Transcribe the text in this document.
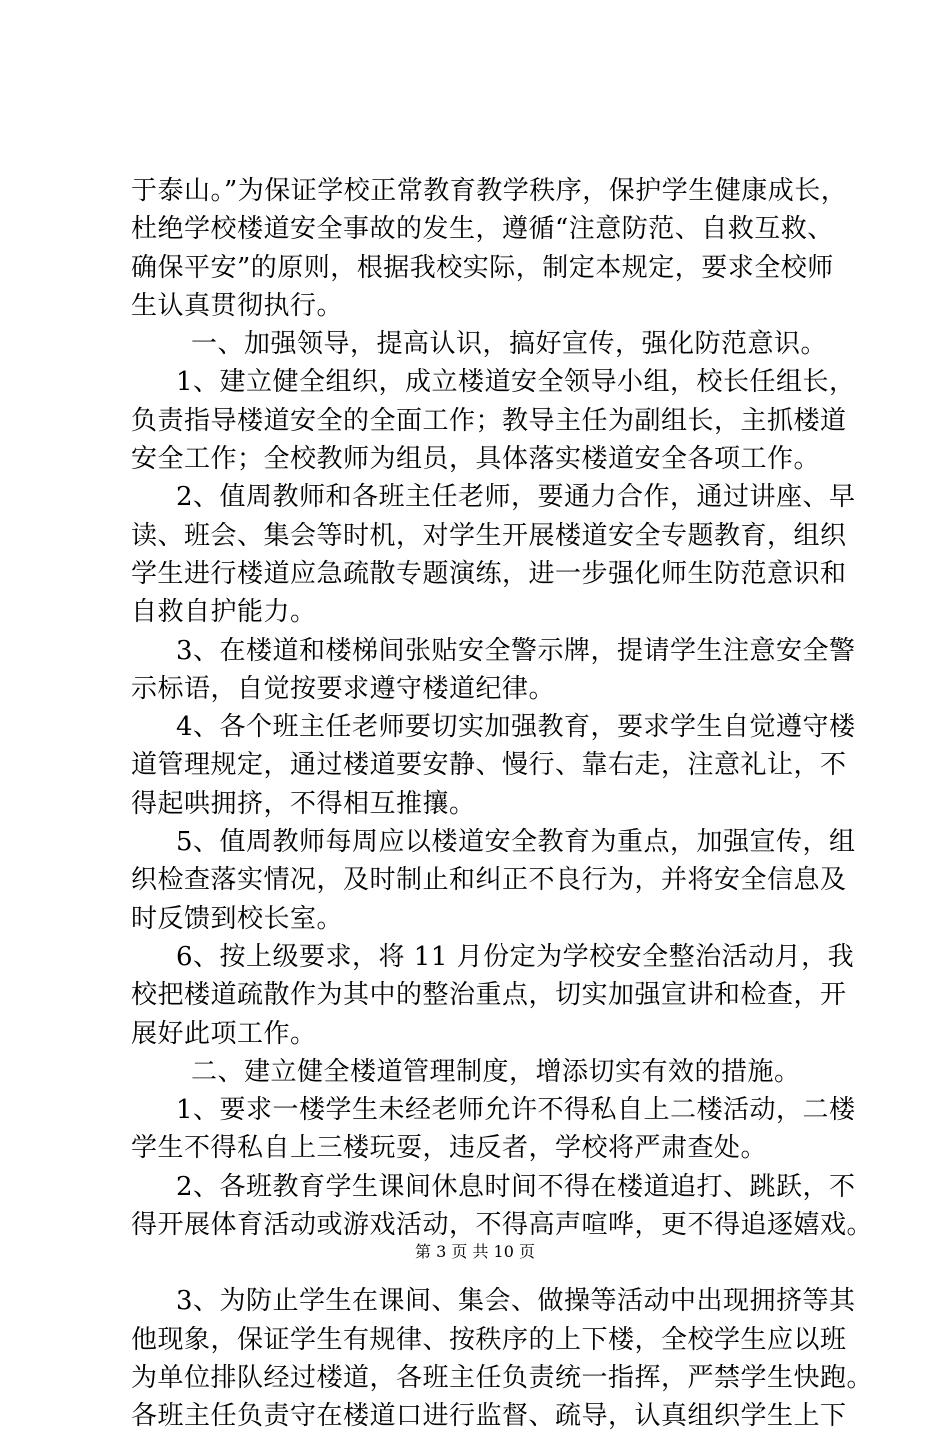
于泰山。”为保证学校正常教育教学秩序，保护学生健康成长，
杜绝学校楼道安全事故的发生，遵循“注意防范、自救互救、
确保平安”的原则，根据我校实际，制定本规定，要求全校师
生认真贯彻执行。
一、加强领导，提高认识，搞好宣传，强化防范意识。
1、建立健全组织，成立楼道安全领导小组，校长任组长，
负责指导楼道安全的全面工作；教导主任为副组长，主抓楼道
安全工作；全校教师为组员，具体落实楼道安全各项工作。
2、值周教师和各班主任老师，要通力合作，通过讲座、早
读、班会、集会等时机，对学生开展楼道安全专题教育，组织
学生进行楼道应急疏散专题演练，进一步强化师生防范意识和
自救自护能力。
3、在楼道和楼梯间张贴安全警示牌，提请学生注意安全警
示标语，自觉按要求遵守楼道纪律。
4、各个班主任老师要切实加强教育，要求学生自觉遵守楼
道管理规定，通过楼道要安静、慢行、靠右走，注意礼让，不
得起哄拥挤，不得相互推攘。
5、值周教师每周应以楼道安全教育为重点，加强宣传，组
织检查落实情况，及时制止和纠正不良行为，并将安全信息及
时反馈到校长室。
6、按上级要求，将 11 月份定为学校安全整治活动月，我
校把楼道疏散作为其中的整治重点，切实加强宣讲和检查，开
展好此项工作。
二、建立健全楼道管理制度，增添切实有效的措施。
1、要求一楼学生未经老师允许不得私自上二楼活动，二楼
学生不得私自上三楼玩耍，违反者，学校将严肃查处。
2、各班教育学生课间休息时间不得在楼道追打、跳跃，不
得开展体育活动或游戏活动，不得高声喧哗，更不得追逐嬉戏。
3、为防止学生在课间、集会、做操等活动中出现拥挤等其
他现象，保证学生有规律、按秩序的上下楼，全校学生应以班
为单位排队经过楼道，各班主任负责统一指挥，严禁学生快跑。
各班主任负责守在楼道口进行监督、疏导，认真组织学生上下
第 3 页 共 10 页
